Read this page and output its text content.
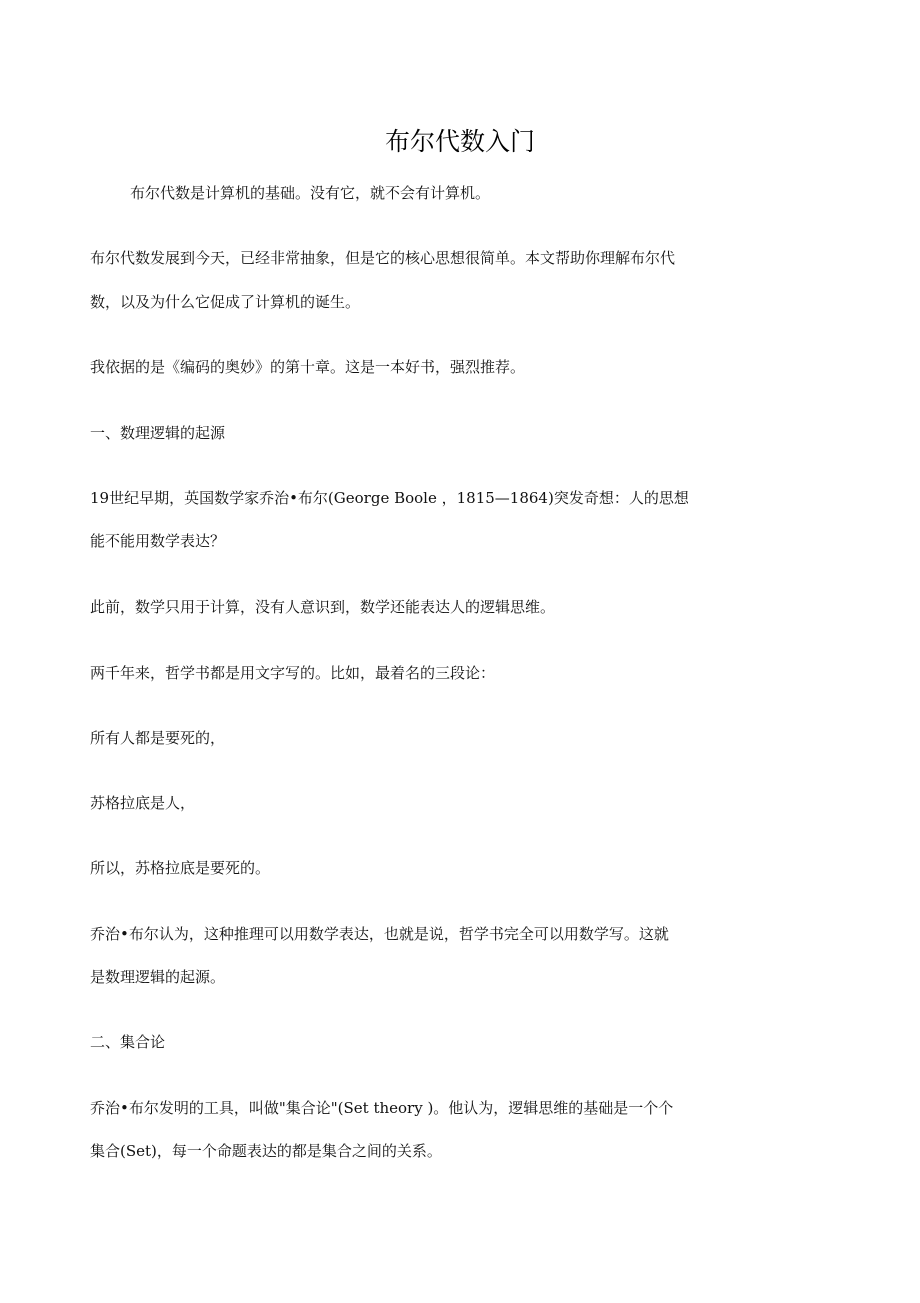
布尔代数入门
布尔代数是计算机的基础。没有它，就不会有计算机。
布尔代数发展到今天，已经非常抽象，但是它的核心思想很简单。本文帮助你理解布尔代
数，以及为什么它促成了计算机的诞生。
我依据的是《编码的奥妙》的第十章。这是一本好书，强烈推荐。
一、数理逻辑的起源
19世纪早期，英国数学家乔治•布尔(George Boole ，1815—1864)突发奇想：人的思想
能不能用数学表达？
此前，数学只用于计算，没有人意识到，数学还能表达人的逻辑思维。
两千年来，哲学书都是用文字写的。比如，最着名的三段论：
所有人都是要死的，
苏格拉底是人，
所以，苏格拉底是要死的。
乔治•布尔认为，这种推理可以用数学表达，也就是说，哲学书完全可以用数学写。这就
是数理逻辑的起源。
二、集合论
乔治•布尔发明的工具，叫做"集合论"(Set theory )。他认为，逻辑思维的基础是一个个
集合(Set)，每一个命题表达的都是集合之间的关系。
